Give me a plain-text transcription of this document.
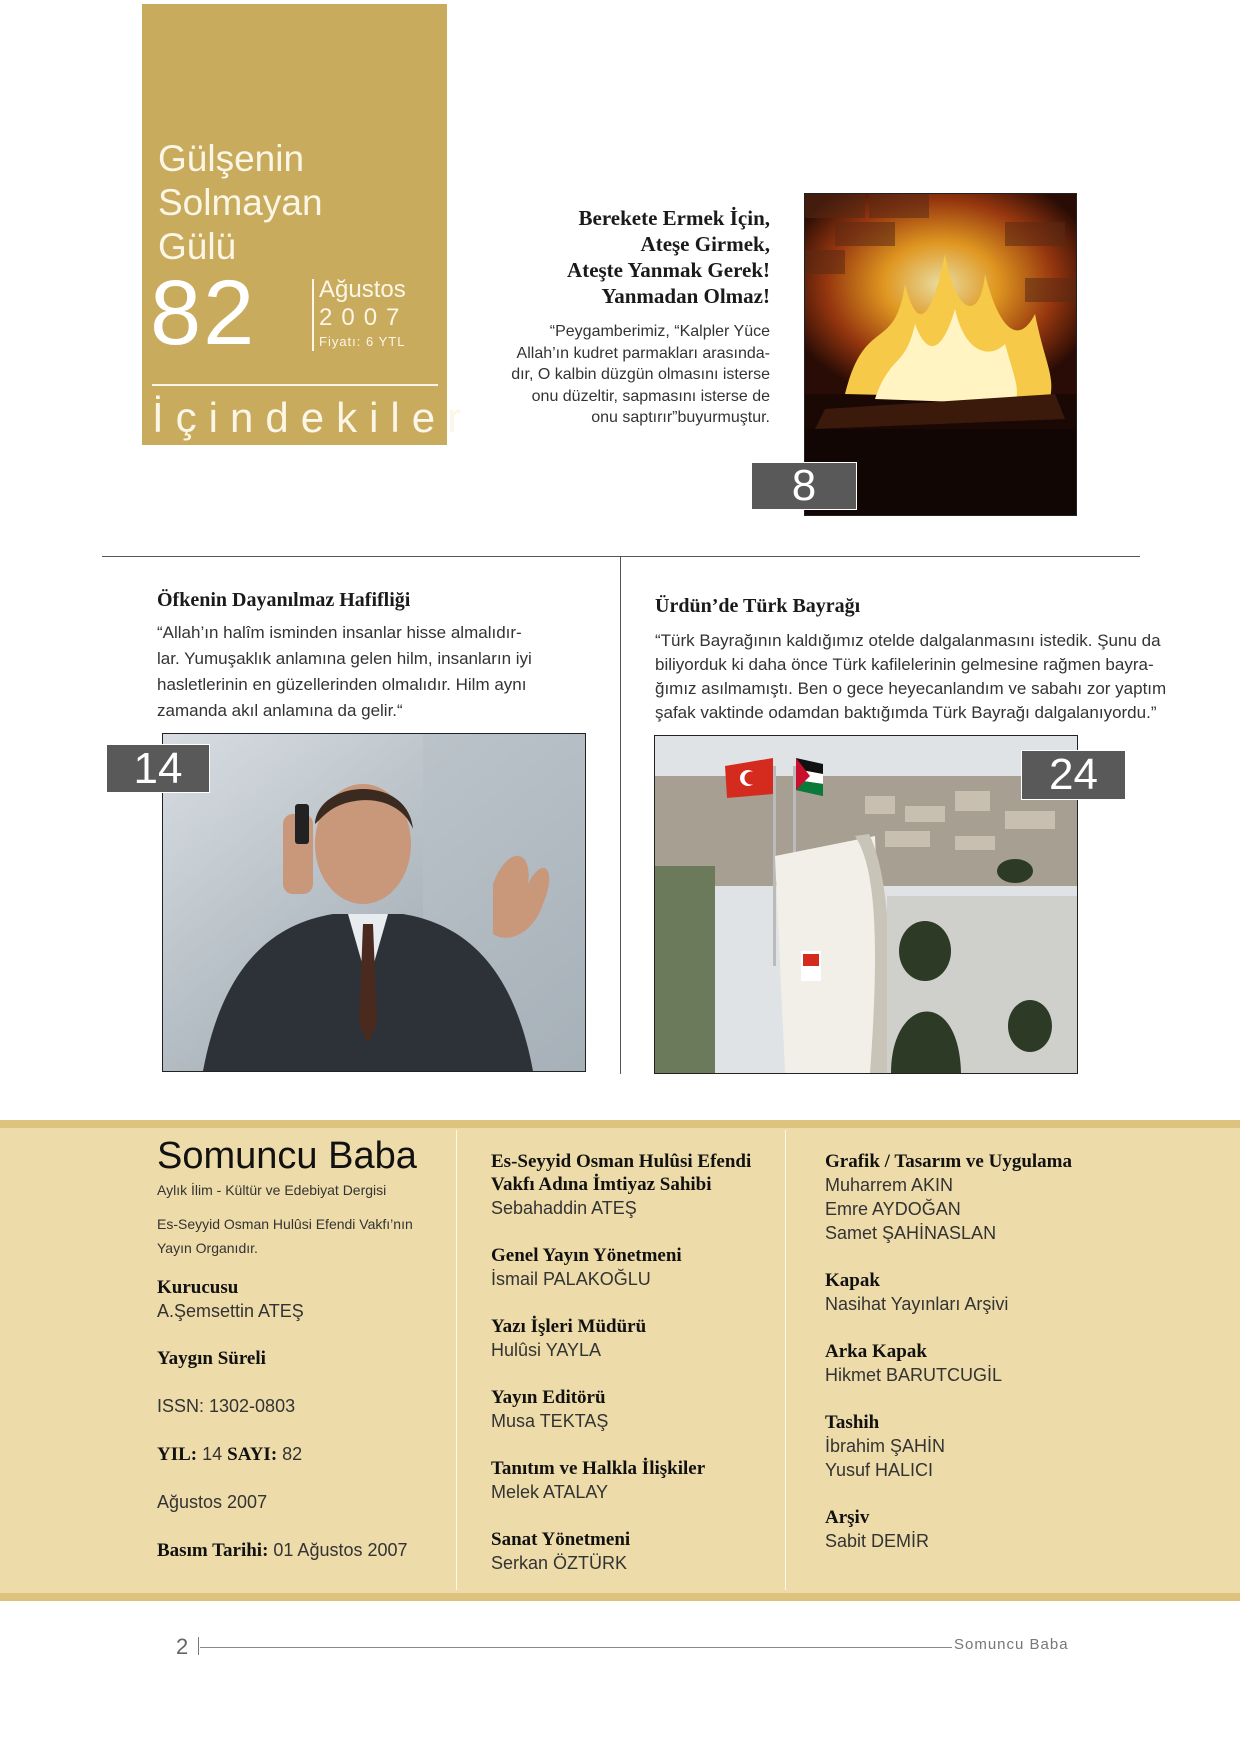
Gülşenin
Solmayan
Gülü
82	Ağustos
2007
Fiyatı: 6 YTL
İçindekiler
Berekete Ermek İçin,
Ateşe Girmek,
Ateşte Yanmak Gerek!
Yanmadan Olmaz!
“Peygamberimiz, “Kalpler Yüce
Allah’ın kudret parmakları arasında-
dır, O kalbin düzgün olmasını isterse
onu düzeltir, sapmasını isterse de
onu saptırır”buyurmuştur.
8
Öfkenin Dayanılmaz Hafifliği
“Allah’ın halîm isminden insanlar hisse almalıdır-
lar. Yumuşaklık anlamına gelen hilm, insanların iyi
hasletlerinin en güzellerinden olmalıdır. Hilm aynı
zamanda akıl anlamına da gelir.“
14
Ürdün’de Türk Bayrağı
“Türk Bayrağının kaldığımız otelde dalgalanmasını istedik. Şunu da
biliyorduk ki daha önce Türk kafilelerinin gelmesine rağmen bayra-
ğımız asılmamıştı. Ben o gece heyecanlandım ve sabahı zor yaptım
şafak vaktinde odamdan baktığımda Türk Bayrağı dalgalanıyordu.”
24
Somuncu Baba
Aylık İlim - Kültür ve Edebiyat Dergisi
Es-Seyyid Osman Hulûsi Efendi Vakfı’nın
Yayın Organıdır.
Kurucusu
A.Şemsettin ATEŞ
Yaygın Süreli
ISSN: 1302-0803
YIL: 14 SAYI: 82
Ağustos 2007
Basım Tarihi: 01 Ağustos 2007
Es-Seyyid Osman Hulûsi Efendi
Vakfı Adına İmtiyaz Sahibi
Sebahaddin ATEŞ
Genel Yayın Yönetmeni
İsmail PALAKOĞLU
Yazı İşleri Müdürü
Hulûsi YAYLA
Yayın Editörü
Musa TEKTAŞ
Tanıtım ve Halkla İlişkiler
Melek ATALAY
Sanat Yönetmeni
Serkan ÖZTÜRK
Grafik / Tasarım ve Uygulama
Muharrem AKIN
Emre AYDOĞAN
Samet ŞAHİNASLAN
Kapak
Nasihat Yayınları Arşivi
Arka Kapak
Hikmet BARUTCUGİL
Tashih
İbrahim ŞAHİN
Yusuf HALICI
Arşiv
Sabit DEMİR
2	Somuncu Baba
